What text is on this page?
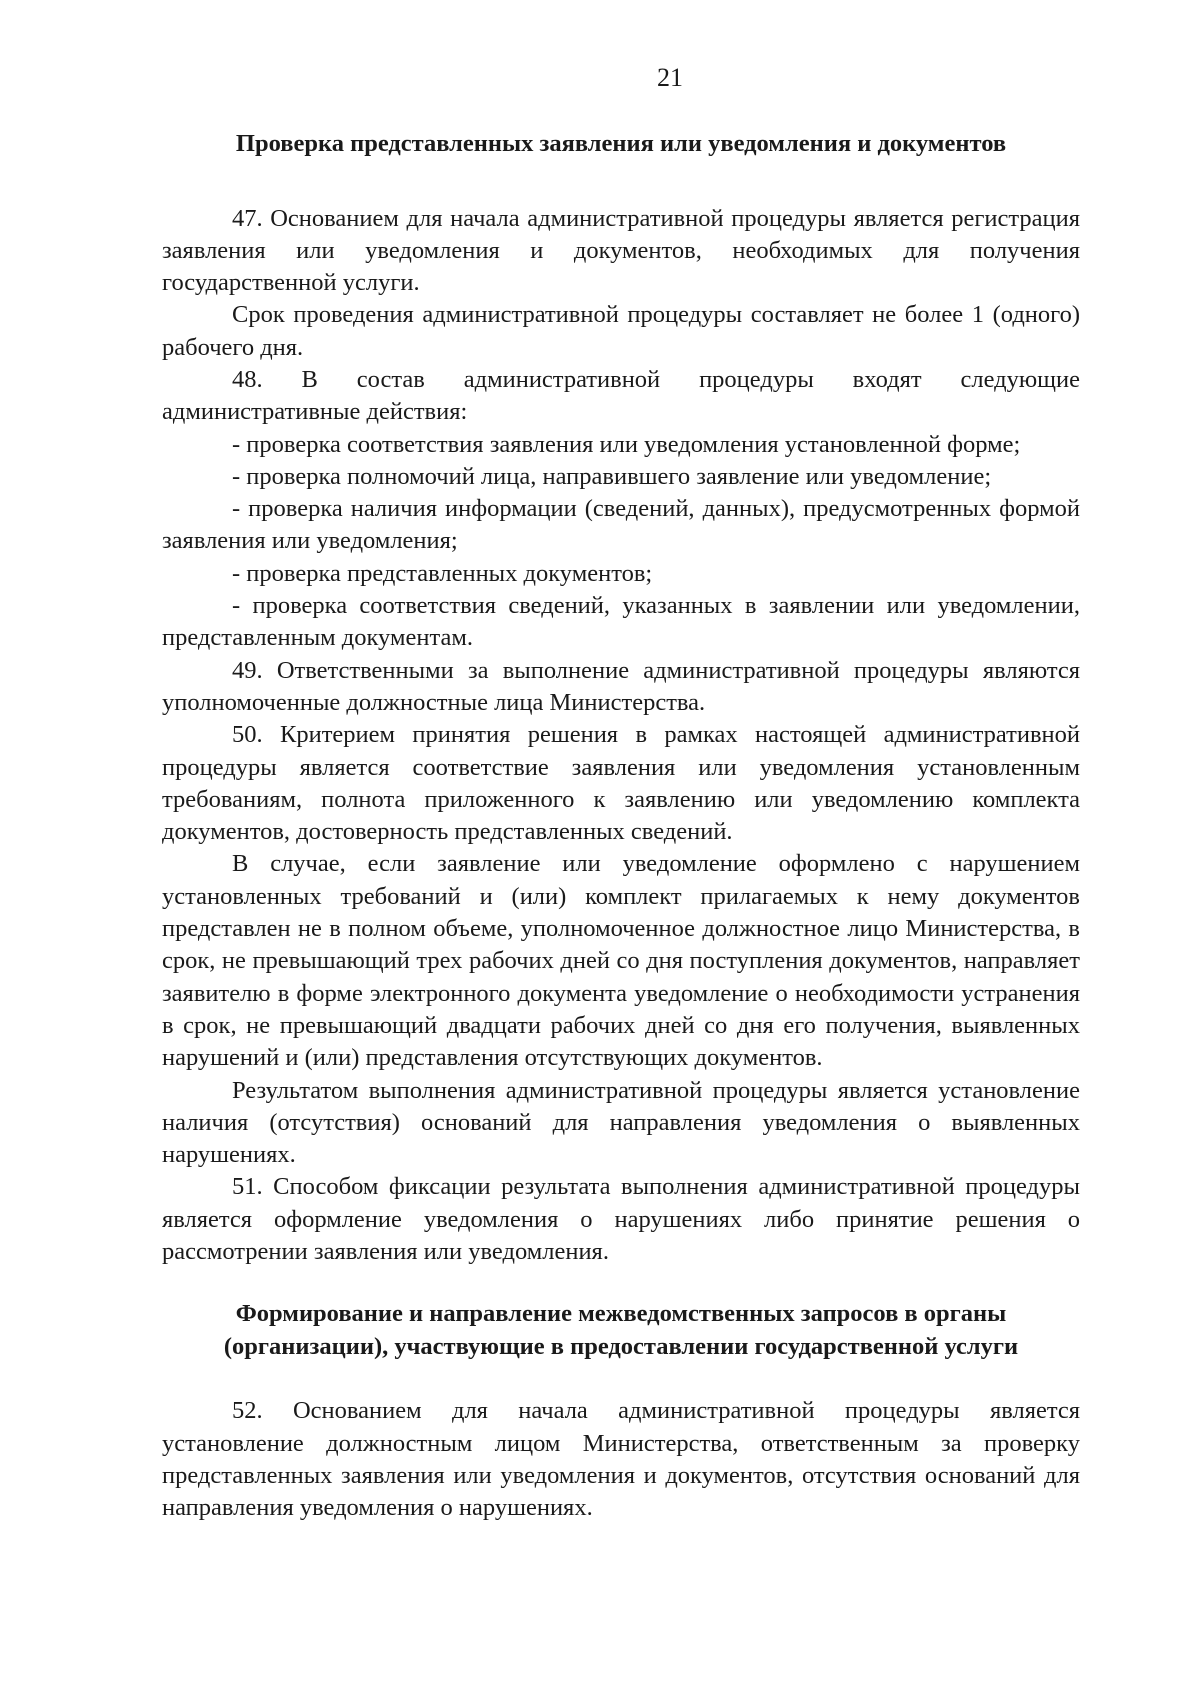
21
Проверка представленных заявления или уведомления и документов

47. Основанием для начала административной процедуры является регистрация заявления или уведомления и документов, необходимых для получения государственной услуги.

Срок проведения административной процедуры составляет не более 1 (одного) рабочего дня.

48. В состав административной процедуры входят следующие административные действия:

- проверка соответствия заявления или уведомления установленной форме;

- проверка полномочий лица, направившего заявление или уведомление;

- проверка наличия информации (сведений, данных), предусмотренных формой заявления или уведомления;

- проверка представленных документов;

- проверка соответствия сведений, указанных в заявлении или уведомлении, представленным документам.

49. Ответственными за выполнение административной процедуры являются уполномоченные должностные лица Министерства.

50. Критерием принятия решения в рамках настоящей административной процедуры является соответствие заявления или уведомления установленным требованиям, полнота приложенного к заявлению или уведомлению комплекта документов, достоверность представленных сведений.

В случае, если заявление или уведомление оформлено с нарушением установленных требований и (или) комплект прилагаемых к нему документов представлен не в полном объеме, уполномоченное должностное лицо Министерства, в срок, не превышающий трех рабочих дней со дня поступления документов, направляет заявителю в форме электронного документа уведомление о необходимости устранения в срок, не превышающий двадцати рабочих дней со дня его получения, выявленных нарушений и (или) представления отсутствующих документов.

Результатом выполнения административной процедуры является установление наличия (отсутствия) оснований для направления уведомления о выявленных нарушениях.

51. Способом фиксации результата выполнения административной процедуры является оформление уведомления о нарушениях либо принятие решения о рассмотрении заявления или уведомления.

Формирование и направление межведомственных запросов в органы (организации), участвующие в предоставлении государственной услуги

52. Основанием для начала административной процедуры является установление должностным лицом Министерства, ответственным за проверку представленных заявления или уведомления и документов, отсутствия оснований для направления уведомления о нарушениях.
